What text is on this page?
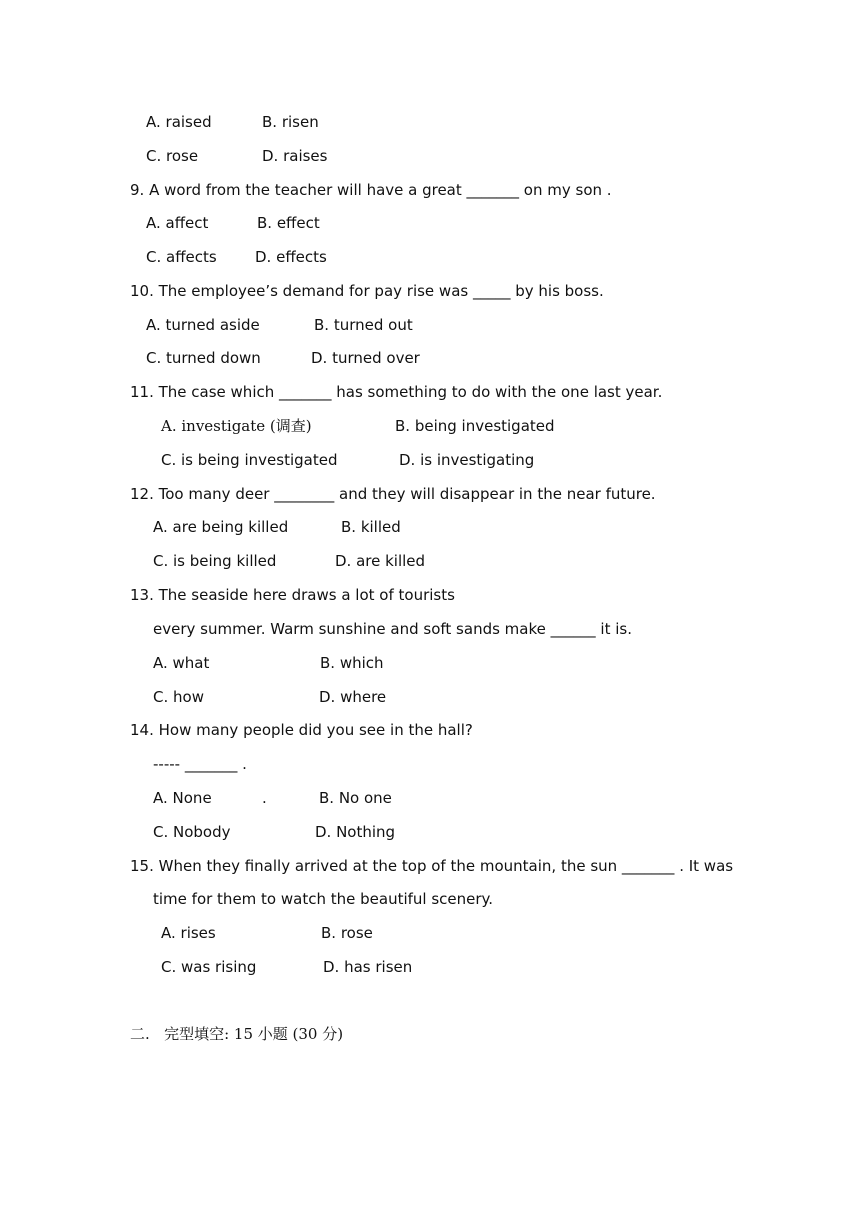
A. raised	B. risen
C. rose	D. raises
9. A word from the teacher will have a great _______ on my son .
A. affect	B. effect
C. affects	D. effects
10. The employee’s demand for pay rise was _____ by his boss.
A. turned aside	B. turned out
C. turned down	D. turned over
11. The case which _______ has something to do with the one last year.
A. investigate (调查)	B. being investigated
C. is being investigated	D. is investigating
12. Too many deer ________ and they will disappear in the near future.
A. are being killed	B. killed
C. is being killed	D. are killed
13. The seaside here draws a lot of tourists
every summer. Warm sunshine and soft sands make ______ it is.
A. what	B. which
C. how	D. where
14. How many people did you see in the hall?
----- _______ .
A. None	.	B. No one
C. Nobody	D. Nothing
15. When they finally arrived at the top of the mountain, the sun _______ . It was
time for them to watch the beautiful scenery.
A. rises	B. rose
C. was rising	D. has risen
二.   完型填空: 15 小题 (30 分)
